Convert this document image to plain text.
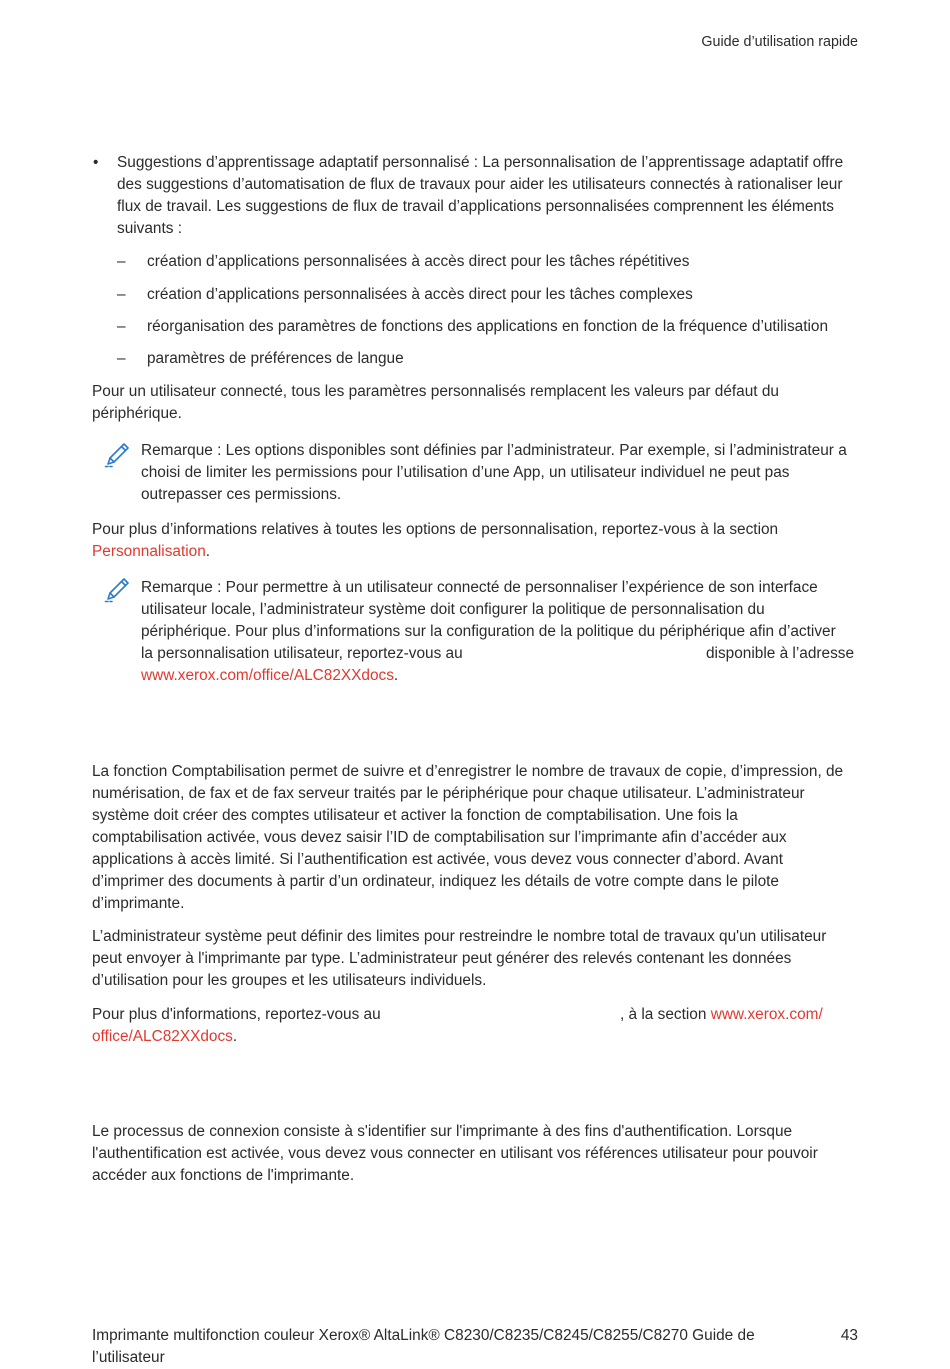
Guide d’utilisation rapide
• Suggestions d’apprentissage adaptatif personnalisé : La personnalisation de l’apprentissage adaptatif offre
des suggestions d’automatisation de flux de travaux pour aider les utilisateurs connectés à rationaliser leur
flux de travail. Les suggestions de flux de travail d’applications personnalisées comprennent les éléments
suivants :
– création d’applications personnalisées à accès direct pour les tâches répétitives
– création d’applications personnalisées à accès direct pour les tâches complexes
– réorganisation des paramètres de fonctions des applications en fonction de la fréquence d’utilisation
– paramètres de préférences de langue
Pour un utilisateur connecté, tous les paramètres personnalisés remplacent les valeurs par défaut du
périphérique.
Remarque : Les options disponibles sont définies par l’administrateur. Par exemple, si l’administrateur a
choisi de limiter les permissions pour l’utilisation d’une App, un utilisateur individuel ne peut pas
outrepasser ces permissions.
Pour plus d’informations relatives à toutes les options de personnalisation, reportez-vous à la section
Personnalisation.
Remarque : Pour permettre à un utilisateur connecté de personnaliser l’expérience de son interface
utilisateur locale, l’administrateur système doit configurer la politique de personnalisation du
périphérique. Pour plus d’informations sur la configuration de la politique du périphérique afin d’activer
la personnalisation utilisateur, reportez-vous au	disponible à l’adresse
www.xerox.com/office/ALC82XXdocs.
La fonction Comptabilisation permet de suivre et d’enregistrer le nombre de travaux de copie, d’impression, de
numérisation, de fax et de fax serveur traités par le périphérique pour chaque utilisateur. L’administrateur
système doit créer des comptes utilisateur et activer la fonction de comptabilisation. Une fois la
comptabilisation activée, vous devez saisir l’ID de comptabilisation sur l’imprimante afin d’accéder aux
applications à accès limité. Si l’authentification est activée, vous devez vous connecter d’abord. Avant
d’imprimer des documents à partir d’un ordinateur, indiquez les détails de votre compte dans le pilote
d’imprimante.
L’administrateur système peut définir des limites pour restreindre le nombre total de travaux qu'un utilisateur
peut envoyer à l'imprimante par type. L’administrateur peut générer des relevés contenant les données
d’utilisation pour les groupes et les utilisateurs individuels.
Pour plus d'informations, reportez-vous au	, à la section www.xerox.com/
office/ALC82XXdocs.
Le processus de connexion consiste à s'identifier sur l'imprimante à des fins d'authentification. Lorsque
l'authentification est activée, vous devez vous connecter en utilisant vos références utilisateur pour pouvoir
accéder aux fonctions de l'imprimante.
Imprimante multifonction couleur Xerox® AltaLink® C8230/C8235/C8245/C8255/C8270 Guide de
l’utilisateur
43
